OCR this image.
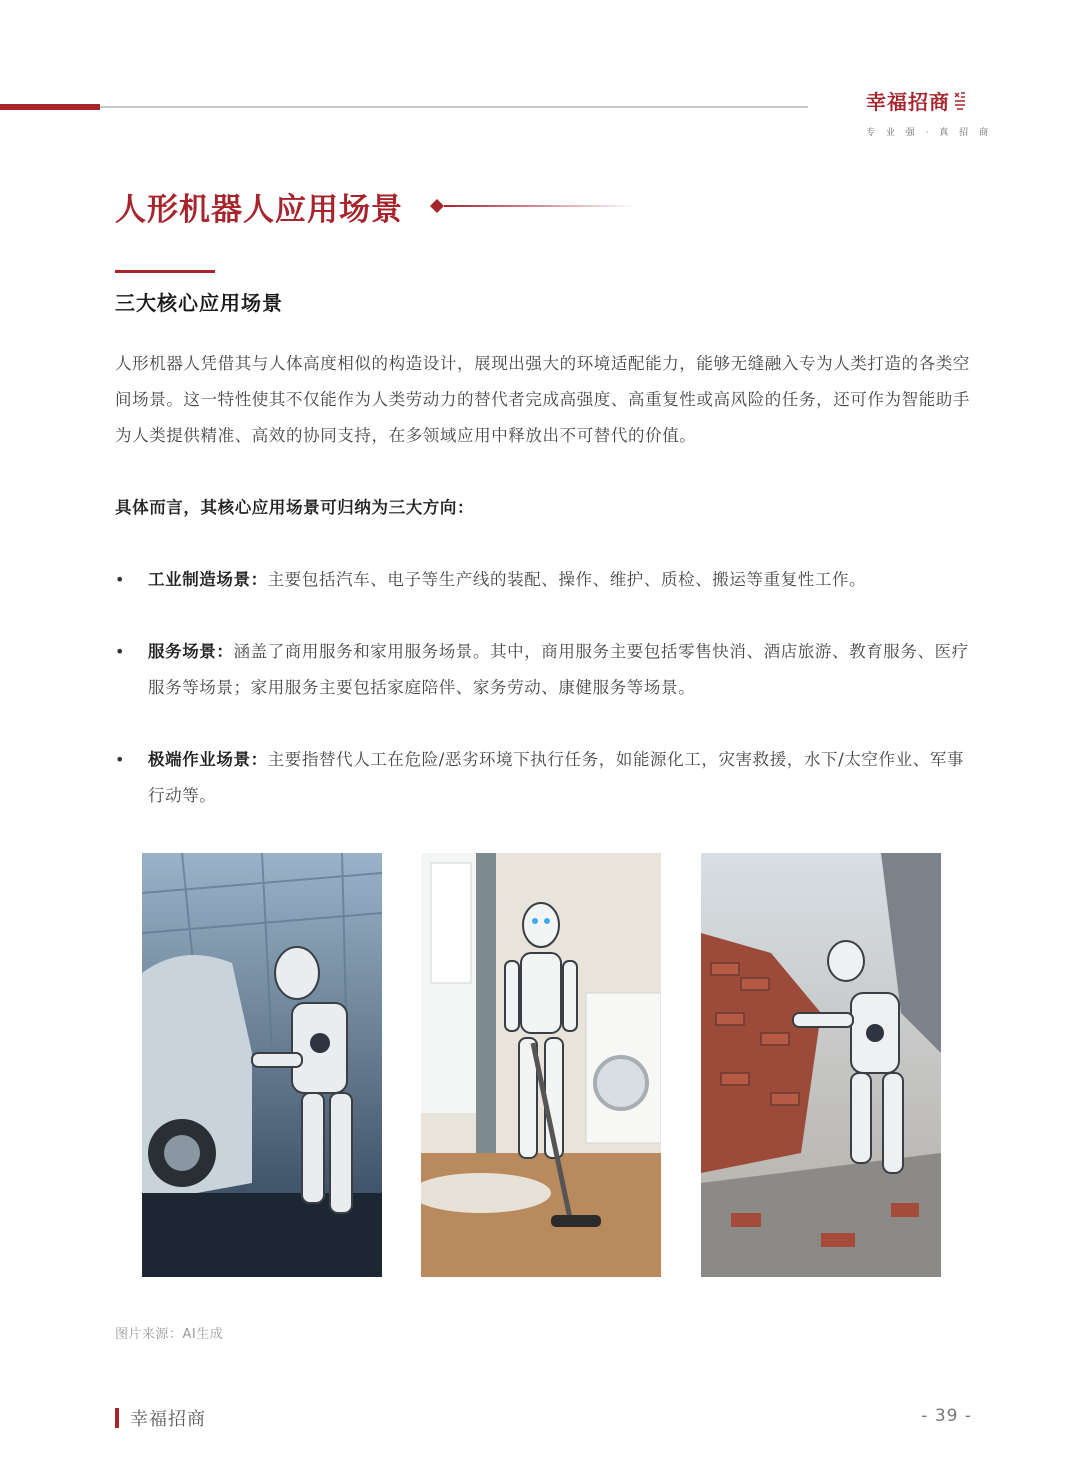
幸福招商
专 业 强 · 真 招 商
人形机器人应用场景
三大核心应用场景
人形机器人凭借其与人体高度相似的构造设计，展现出强大的环境适配能力，能够无缝融入专为人类打造的各类空间场景。这一特性使其不仅能作为人类劳动力的替代者完成高强度、高重复性或高风险的任务，还可作为智能助手为人类提供精准、高效的协同支持，在多领域应用中释放出不可替代的价值。
具体而言，其核心应用场景可归纳为三大方向：
• 工业制造场景：主要包括汽车、电子等生产线的装配、操作、维护、质检、搬运等重复性工作。
• 服务场景：涵盖了商用服务和家用服务场景。其中，商用服务主要包括零售快消、酒店旅游、教育服务、医疗服务等场景；家用服务主要包括家庭陪伴、家务劳动、康健服务等场景。
• 极端作业场景：主要指替代人工在危险/恶劣环境下执行任务，如能源化工，灾害救援，水下/太空作业、军事行动等。
图片来源：AI生成
幸福招商	- 39 -
